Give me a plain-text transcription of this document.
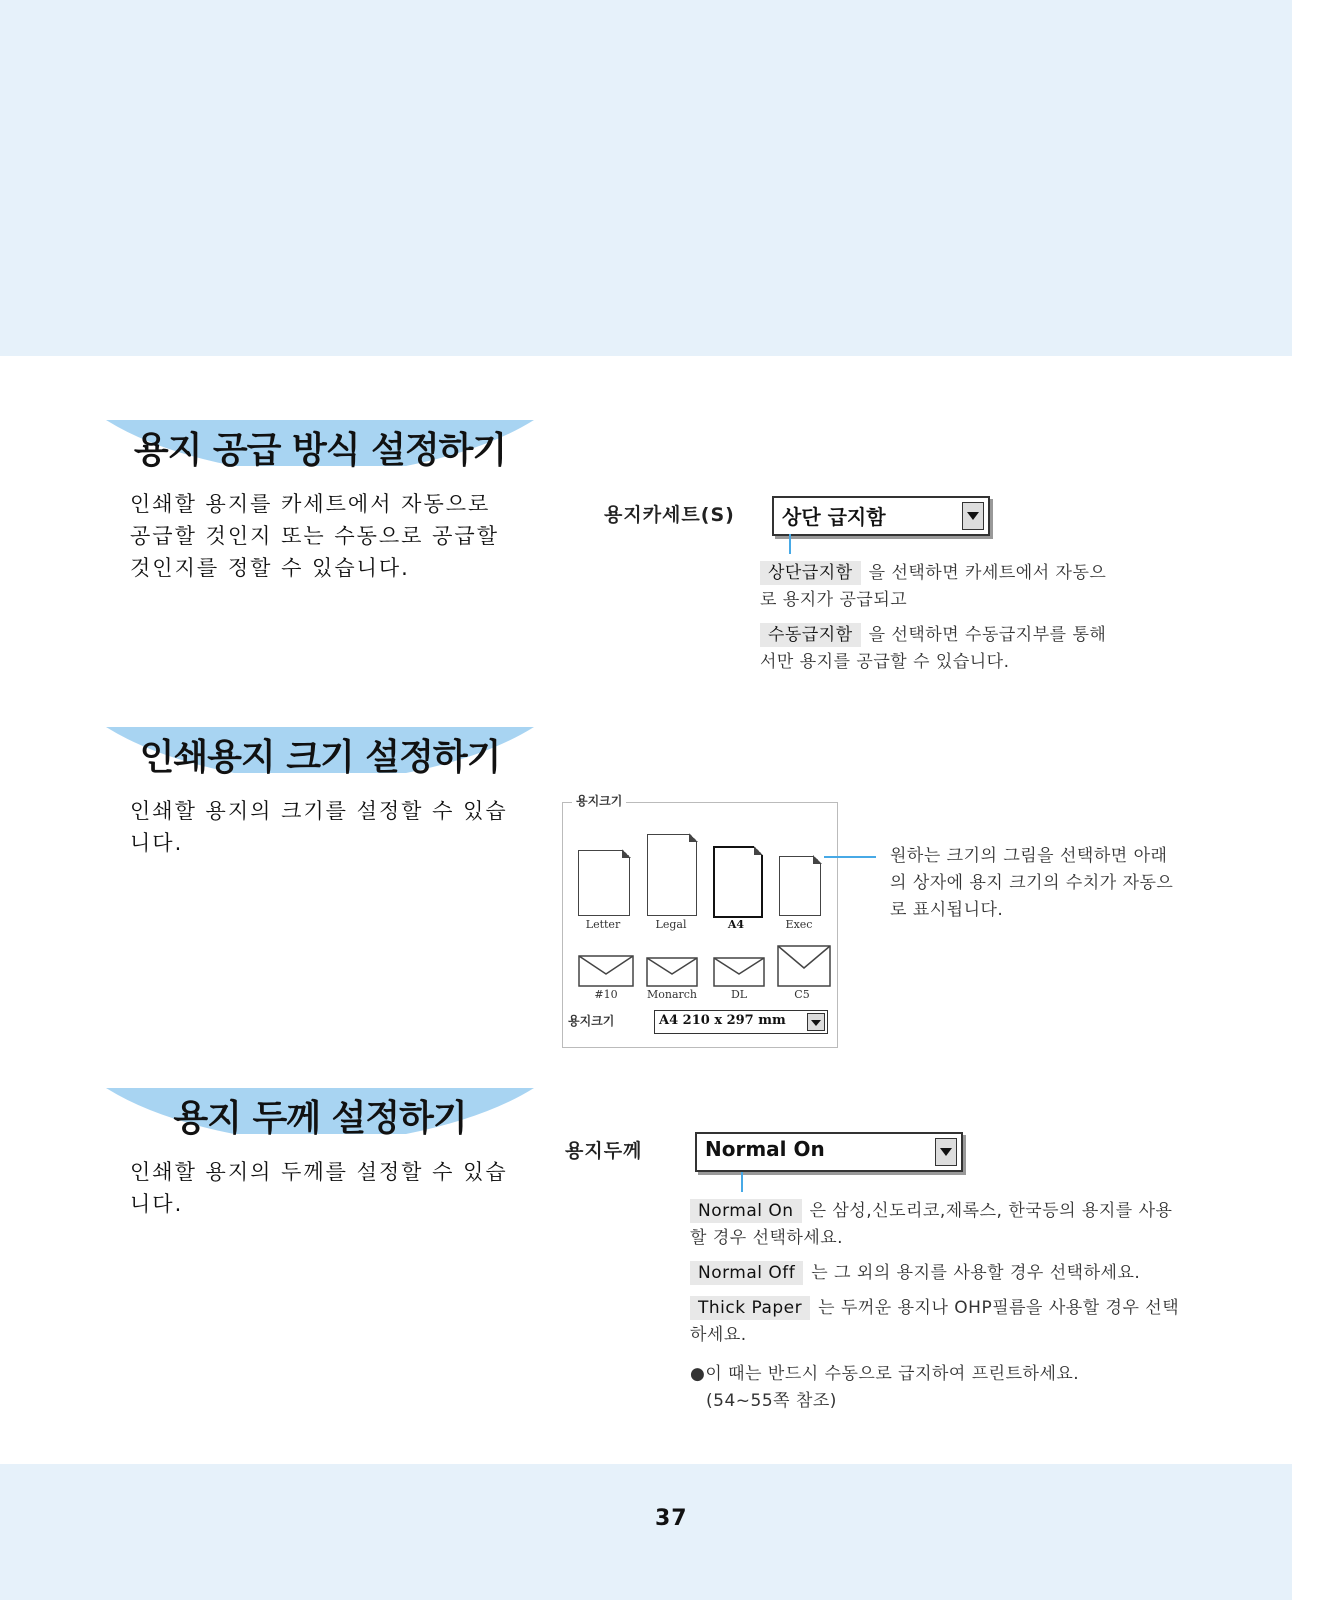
용지 공급 방식 설정하기
인쇄할 용지를 카세트에서 자동으로 공급할 것인지 또는 수동으로 공급할 것인지를 정할 수 있습니다.
용지카세트(S) 상단 급지함

상단급지함 을 선택하면 카세트에서 자동으로 용지가 공급되고

수동급지함 을 선택하면 수동급지부를 통해서만 용지를 공급할 수 있습니다.

인쇄용지 크기 설정하기
인쇄할 용지의 크기를 설정할 수 있습니다.
용지크기
Letter	Legal	A4	Exec
#10	Monarch	DL	C5
용지크기	A4 210 x 297 mm
원하는 크기의 그림을 선택하면 아래의 상자에 용지 크기의 수치가 자동으로 표시됩니다.
용지 두께 설정하기
인쇄할 용지의 두께를 설정할 수 있습니다.
용지두께	Normal On

Normal On 은 삼성,신도리코,제록스, 한국등의 용지를 사용할 경우 선택하세요.

Normal Off 는 그 외의 용지를 사용할 경우 선택하세요.

Thick Paper 는 두꺼운 용지나 OHP필름을 사용할 경우 선택하세요.

●이 때는 반드시 수동으로 급지하여 프린트하세요.

(54~55쪽 참조)

37
